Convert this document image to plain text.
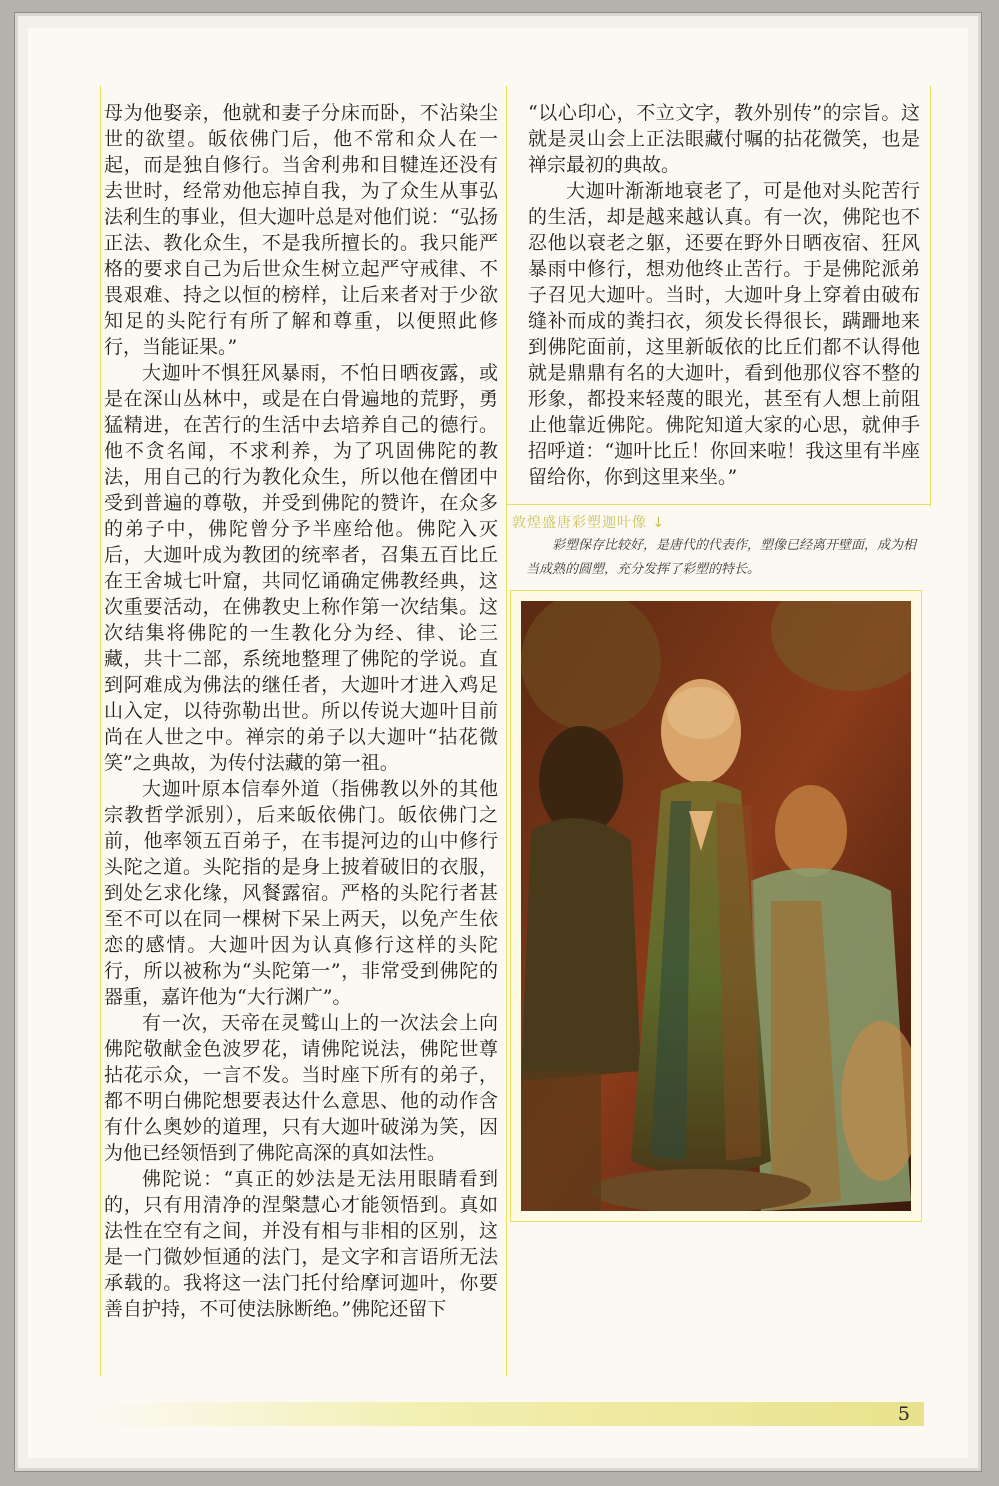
母为他娶亲，他就和妻子分床而卧，不沾染尘世的欲望。皈依佛门后，他不常和众人在一起，而是独自修行。当舍利弗和目犍连还没有去世时，经常劝他忘掉自我，为了众生从事弘法利生的事业，但大迦叶总是对他们说：“弘扬正法、教化众生，不是我所擅长的。我只能严格的要求自己为后世众生树立起严守戒律、不畏艰难、持之以恒的榜样，让后来者对于少欲知足的头陀行有所了解和尊重，以便照此修行，当能证果。”

大迦叶不惧狂风暴雨，不怕日晒夜露，或是在深山丛林中，或是在白骨遍地的荒野，勇猛精进，在苦行的生活中去培养自己的德行。他不贪名闻，不求利养，为了巩固佛陀的教法，用自己的行为教化众生，所以他在僧团中受到普遍的尊敬，并受到佛陀的赞许，在众多的弟子中，佛陀曾分予半座给他。佛陀入灭后，大迦叶成为教团的统率者，召集五百比丘在王舍城七叶窟，共同忆诵确定佛教经典，这次重要活动，在佛教史上称作第一次结集。这次结集将佛陀的一生教化分为经、律、论三藏，共十二部，系统地整理了佛陀的学说。直到阿难成为佛法的继任者，大迦叶才进入鸡足山入定，以待弥勒出世。所以传说大迦叶目前尚在人世之中。禅宗的弟子以大迦叶“拈花微笑”之典故，为传付法藏的第一祖。

大迦叶原本信奉外道（指佛教以外的其他宗教哲学派别），后来皈依佛门。皈依佛门之前，他率领五百弟子，在韦提河边的山中修行头陀之道。头陀指的是身上披着破旧的衣服，到处乞求化缘，风餐露宿。严格的头陀行者甚至不可以在同一棵树下呆上两天，以免产生依恋的感情。大迦叶因为认真修行这样的头陀行，所以被称为“头陀第一”，非常受到佛陀的器重，嘉许他为“大行渊广”。

有一次，天帝在灵鹫山上的一次法会上向佛陀敬献金色波罗花，请佛陀说法，佛陀世尊拈花示众，一言不发。当时座下所有的弟子，都不明白佛陀想要表达什么意思、他的动作含有什么奥妙的道理，只有大迦叶破涕为笑，因为他已经领悟到了佛陀高深的真如法性。

佛陀说：“真正的妙法是无法用眼睛看到的，只有用清净的涅槃慧心才能领悟到。真如法性在空有之间，并没有相与非相的区别，这是一门微妙恒通的法门，是文字和言语所无法承载的。我将这一法门托付给摩诃迦叶，你要善自护持，不可使法脉断绝。”佛陀还留下

“以心印心，不立文字，教外别传”的宗旨。这就是灵山会上正法眼藏付嘱的拈花微笑，也是禅宗最初的典故。

大迦叶渐渐地衰老了，可是他对头陀苦行的生活，却是越来越认真。有一次，佛陀也不忍他以衰老之躯，还要在野外日晒夜宿、狂风暴雨中修行，想劝他终止苦行。于是佛陀派弟子召见大迦叶。当时，大迦叶身上穿着由破布缝补而成的粪扫衣，须发长得很长，蹒跚地来到佛陀面前，这里新皈依的比丘们都不认得他就是鼎鼎有名的大迦叶，看到他那仪容不整的形象，都投来轻蔑的眼光，甚至有人想上前阻止他靠近佛陀。佛陀知道大家的心思，就伸手招呼道：“迦叶比丘！你回来啦！我这里有半座留给你，你到这里来坐。”

敦煌盛唐彩塑迦叶像 ↓
彩塑保存比较好，是唐代的代表作，塑像已经离开壁面，成为相当成熟的圆塑，充分发挥了彩塑的特长。
5
